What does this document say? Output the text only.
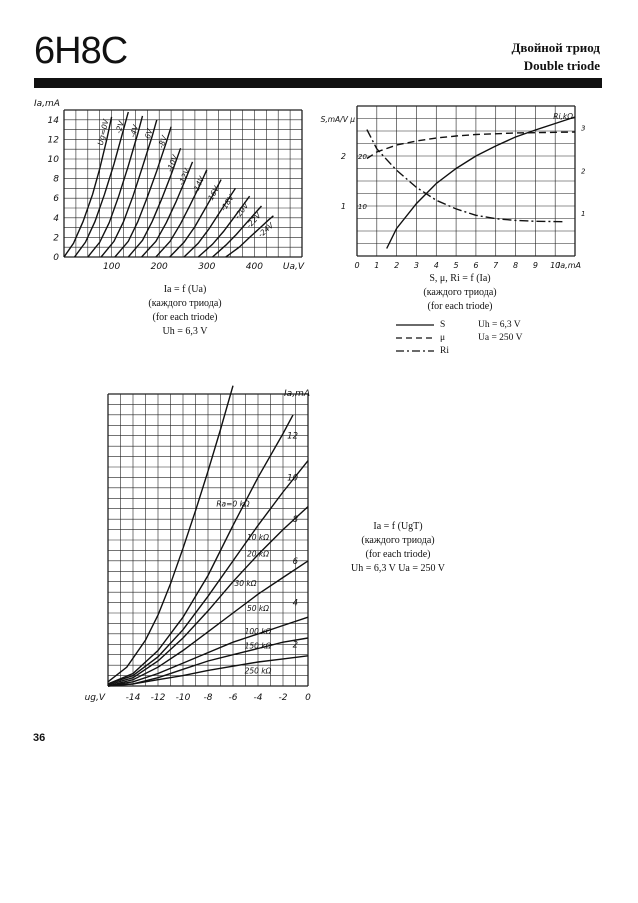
6H8C	Двойной триод
Double triode
Ug=0V -2V -4V -6V -8V
-10V
-12V -14V
-16V
-18V
-20V
-22V
-24V
2
4
6
8
10
12
14
0
100	200	300	400
Ia,mA
Ua,V
Ia = f (Ua)
(каждого триода)
(for each triode)
Uh = 6,3 V
0 1 2 3 4 5 6 7 8 9 10
1
2
10
20
1
2
3
S,mA/V μ	Ri,kΩ
Ia,mA
S, μ, Ri = f (Ia)
(каждого триода)
(for each triode)
S
μ
Ri
Uh = 6,3 V
Ua = 250 V
-14 -12 -10 -8 -6 -4 -2 0
12
10
8
6
4
2
ug,V
Ia,mA
Ra=0 kΩ
10 kΩ
20 kΩ
30 kΩ
50 kΩ
100 kΩ
150 kΩ
250 kΩ
Ia = f (UgT)
(каждого триода)
(for each triode)
Uh = 6,3 V Ua = 250 V
36
